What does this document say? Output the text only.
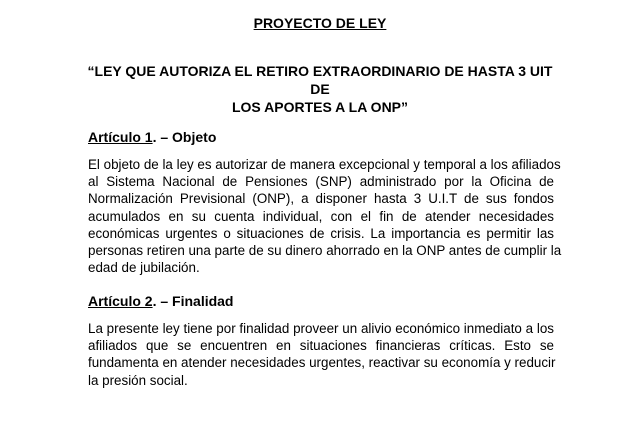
PROYECTO DE LEY
“LEY QUE AUTORIZA EL RETIRO EXTRAORDINARIO DE HASTA 3 UIT DE
LOS APORTES A LA ONP”
Artículo 1. – Objeto
El objeto de la ley es autorizar de manera excepcional y temporal a los afiliados
al Sistema Nacional de Pensiones (SNP) administrado por la Oficina de
Normalización Previsional (ONP), a disponer hasta 3 U.I.T de sus fondos
acumulados en su cuenta individual, con el fin de atender necesidades
económicas urgentes o situaciones de crisis. La importancia es permitir las
personas retiren una parte de su dinero ahorrado en la ONP antes de cumplir la
edad de jubilación.
Artículo 2. – Finalidad
La presente ley tiene por finalidad proveer un alivio económico inmediato a los
afiliados que se encuentren en situaciones financieras críticas. Esto se
fundamenta en atender necesidades urgentes, reactivar su economía y reducir
la presión social.
